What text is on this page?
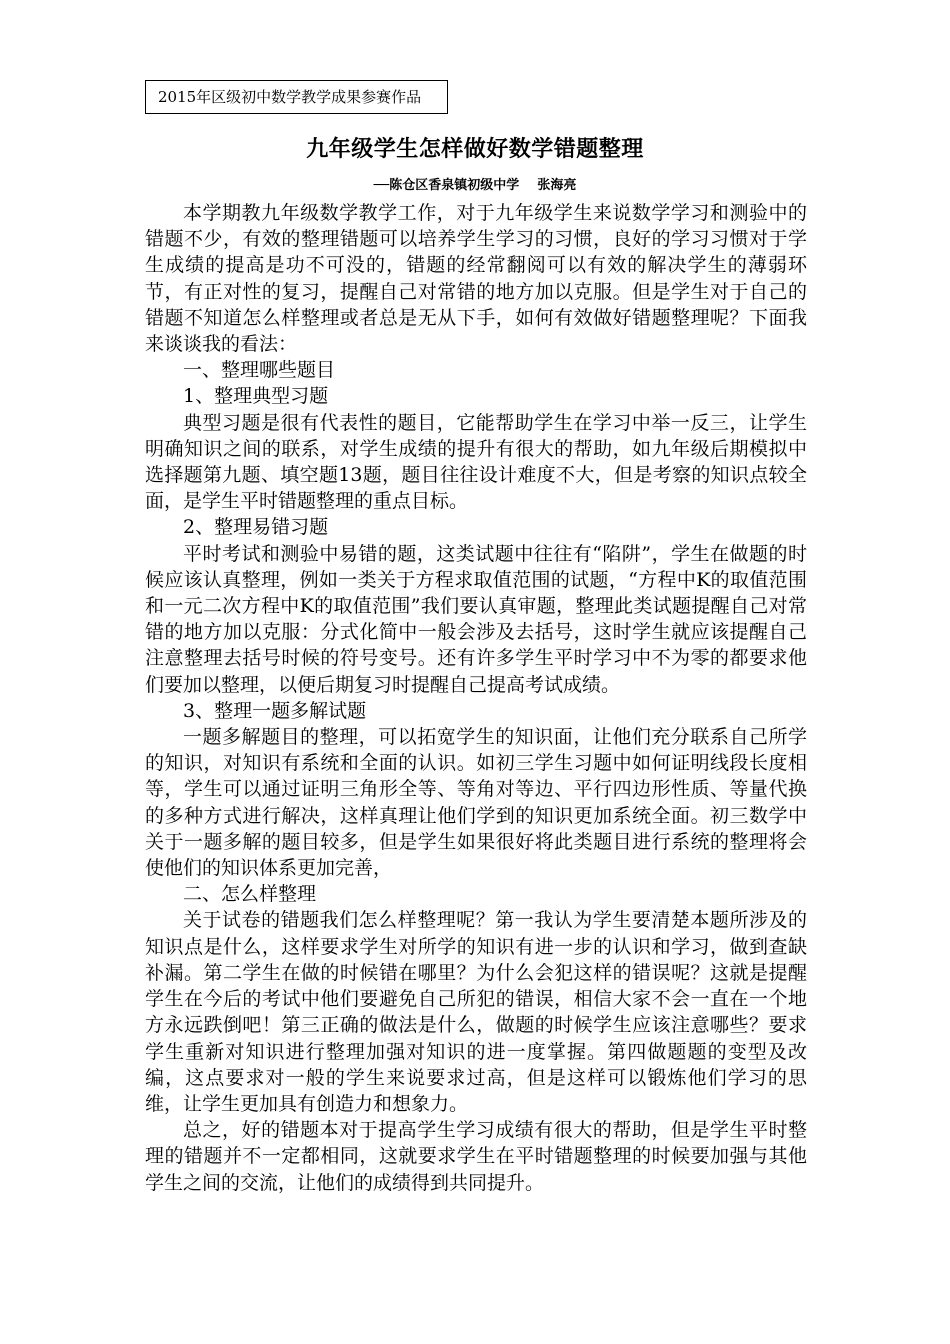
2015年区级初中数学教学成果参赛作品
九年级学生怎样做好数学错题整理
──陈仓区香泉镇初级中学    张海亮

本学期教九年级数学教学工作，对于九年级学生来说数学学习和测验中的错题不少，有效的整理错题可以培养学生学习的习惯，良好的学习习惯对于学生成绩的提高是功不可没的，错题的经常翻阅可以有效的解决学生的薄弱环节，有正对性的复习，提醒自己对常错的地方加以克服。但是学生对于自己的错题不知道怎么样整理或者总是无从下手，如何有效做好错题整理呢？下面我来谈谈我的看法：

一、整理哪些题目

1、整理典型习题

典型习题是很有代表性的题目，它能帮助学生在学习中举一反三，让学生明确知识之间的联系，对学生成绩的提升有很大的帮助，如九年级后期模拟中选择题第九题、填空题13题，题目往往设计难度不大，但是考察的知识点较全面，是学生平时错题整理的重点目标。

2、整理易错习题

平时考试和测验中易错的题，这类试题中往往有“陷阱”，学生在做题的时候应该认真整理，例如一类关于方程求取值范围的试题，“方程中K的取值范围和一元二次方程中K的取值范围”我们要认真审题，整理此类试题提醒自己对常错的地方加以克服：分式化简中一般会涉及去括号，这时学生就应该提醒自己注意整理去括号时候的符号变号。还有许多学生平时学习中不为零的都要求他们要加以整理，以便后期复习时提醒自己提高考试成绩。

3、整理一题多解试题

一题多解题目的整理，可以拓宽学生的知识面，让他们充分联系自己所学的知识，对知识有系统和全面的认识。如初三学生习题中如何证明线段长度相等，学生可以通过证明三角形全等、等角对等边、平行四边形性质、等量代换的多种方式进行解决，这样真理让他们学到的知识更加系统全面。初三数学中关于一题多解的题目较多，但是学生如果很好将此类题目进行系统的整理将会使他们的知识体系更加完善，

二、怎么样整理

关于试卷的错题我们怎么样整理呢？第一我认为学生要清楚本题所涉及的知识点是什么，这样要求学生对所学的知识有进一步的认识和学习，做到查缺补漏。第二学生在做的时候错在哪里？为什么会犯这样的错误呢？这就是提醒学生在今后的考试中他们要避免自己所犯的错误，相信大家不会一直在一个地方永远跌倒吧！第三正确的做法是什么，做题的时候学生应该注意哪些？要求学生重新对知识进行整理加强对知识的进一度掌握。第四做题题的变型及改编，这点要求对一般的学生来说要求过高，但是这样可以锻炼他们学习的思维，让学生更加具有创造力和想象力。

总之，好的错题本对于提高学生学习成绩有很大的帮助，但是学生平时整理的错题并不一定都相同，这就要求学生在平时错题整理的时候要加强与其他学生之间的交流，让他们的成绩得到共同提升。
